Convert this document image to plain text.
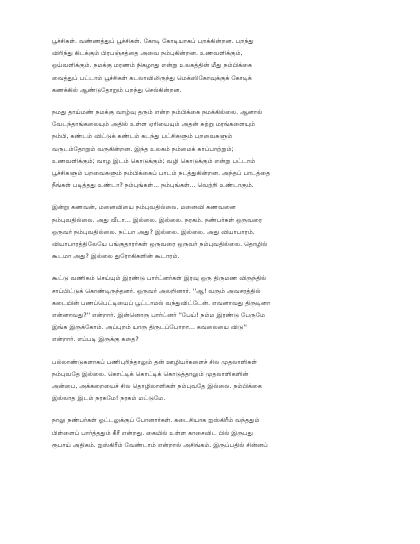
பூச்சிகள். வண்ணத்துப் பூச்சிகள். கோடி கோடியாகப் பறக்கின்றன. பறந்து
விரிந்து கிடக்கும் பிரபஞ்சத்தை அவை நம்புகின்றன. உணவளிக்கும்,
ஒய்வளிக்கும். நமக்கு மரணம் நிகழாது என்று உலகத்தின் மீது நம்பிக்கை
வைத்துப் பட்டாம் பூச்சிகள் கடலாவிலிருந்து மெக்ஸிகோவுக்குக் கோடிக்
கணக்கில் ஆண்டுதோறும் பறந்து செல்கின்றன.

நமது தாய்மண் நமக்கு வாழ்வு தரும் என்ற நம்பிக்கை நமக்கில்லை. ஆனால்
வேடந்தாங்கலையும் அதில் உள்ள ஏரியையும் அதன் சுற்று மரங்களையும்
நம்பி, கண்டம் விட்டுக் கண்டம் கடந்து பட்சிகளும் பறவைகளும்
வருடம்தோறும் வருகின்றன. இந்த உலகம் நம்மைக் காப்பாற்றும்;
உணவளிக்கும்; வாழ இடம் கொடுக்கும்; வழி கொடுக்கும் என்று பட்டாம்
பூச்சிகளும் பறவைகளும் நம்பிக்கைப் பாடம் நடத்துகின்றன. அந்தப் பாடத்தை
நீங்கள் படித்தது உண்டா? நம்புங்கள்... நம்புங்கள்... வெற்றி உண்டாகும்.

இன்று கணவன், மனைவியை நம்புவதில்லை. மனைவி கணவனை
நம்புவதில்லை. அது வீடா... இல்லை. இல்லை. நரகம். நண்பர்கள் ஒருவரை
ஒருவர் நம்புவதில்லை. நட்பா அது? இல்லை. இல்லை. அது வியாபாரம்.
வியாபாரத்திலேயே பங்குதாரர்கள் ஒருவரை ஒருவர் நம்புவதில்லை. தொழில்
கூடமா அது? இல்லை துரோகிகளின் கூடாரம்.

கூட்டு வணிகம் செய்யும் இரண்டு பார்ட்னர்கள் இரவு ஒரு திருமண விருந்தில்
சாப்பிட்டுக் கொண்டிருந்தனர். ஒருவர் அலறினார். ''ஆ! வரும் அவசரத்தில்
கடையின் பணப்பெட்டியைப் பூட்டாமல் வந்துவிட்டேன். எவனாவது திருடினா
என்னாவது?'' என்றார். இன்னொரு பார்ட்னர் ''பேய்! நம்ம இரண்டு பேருமே
இங்க இருக்கோம். அப்புறம் யாரு திருடப்போறா... கவலையை விடு''
என்றார். எப்படி இருக்கு கதை?

பல்லாண்டுகளாகப் பணிபுரிந்தாலும் தன் ஊழியர்களைச் சில முதலாளிகள்
நம்புவதே இல்லை. கொட்டிக் கொட்டிக் கொடுத்தாலும் முதலாளிகளின்
அன்பை, அக்கறையைச் சில தொழிலாளிகள் நம்புவதே இல்லை. நம்பிக்கை
இல்லாத இடம் நரகமே! நரகம் மட்டுமே.

நாலு நண்பர்கள் ஓட்டலுக்குப் போனார்கள். கடைசியாக ஐஸ்கிரீம் வந்ததும்
பிள்ளைப் பார்த்ததும் கீரீ என்றது. கையில் உள்ள காசைவிட பில் இருபது
ரூபாய் அதிகம். ஐஸ்கிரீம் வேண்டாம் என்றால் அசிங்கம். இருப்பதில் சின்னப்
